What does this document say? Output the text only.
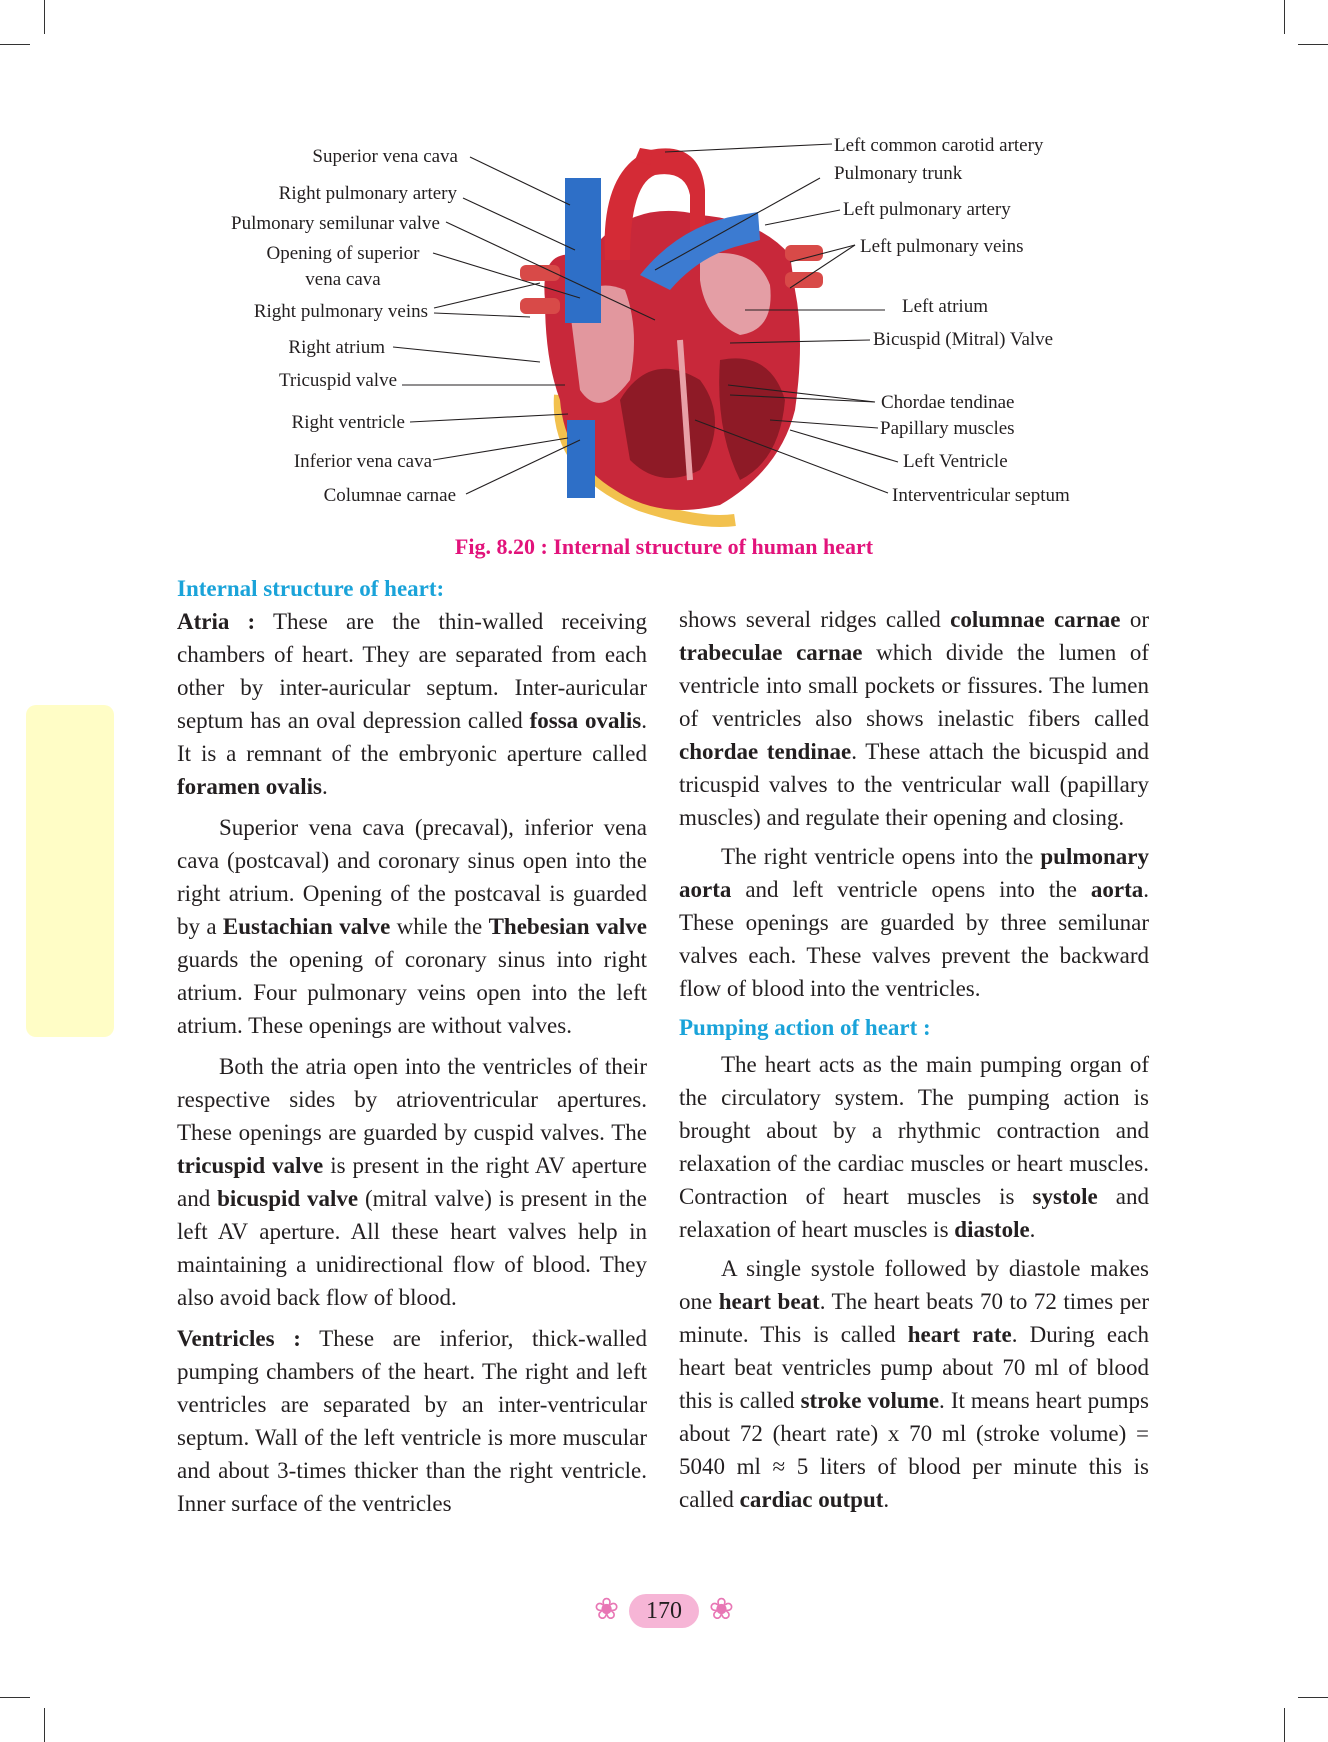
Superior vena cava
Right pulmonary artery
Pulmonary semilunar valve
Opening of superior
vena cava
Right pulmonary veins
Right atrium
Tricuspid valve
Right ventricle
Inferior vena cava
Columnae carnae
Left common carotid artery
Pulmonary trunk
Left pulmonary artery
Left pulmonary veins
Left atrium
Bicuspid (Mitral) Valve
Chordae tendinae
Papillary muscles
Left Ventricle
Interventricular septum
Fig. 8.20 : Internal structure of human heart

Internal structure of heart:

Atria : These are the thin-walled receiving chambers of heart. They are separated from each other by inter-auricular septum. Inter-auricular septum has an oval depression called fossa ovalis. It is a remnant of the embryonic aperture called foramen ovalis.

Superior vena cava (precaval), inferior vena cava (postcaval) and coronary sinus open into the right atrium. Opening of the postcaval is guarded by a Eustachian valve while the Thebesian valve guards the opening of coronary sinus into right atrium. Four pulmonary veins open into the left atrium. These openings are without valves.

Both the atria open into the ventricles of their respective sides by atrioventricular apertures. These openings are guarded by cuspid valves. The tricuspid valve is present in the right AV aperture and bicuspid valve (mitral valve) is present in the left AV aperture. All these heart valves help in maintaining a unidirectional flow of blood. They also avoid back flow of blood.

Ventricles : These are inferior, thick-walled pumping chambers of the heart. The right and left ventricles are separated by an inter-ventricular septum. Wall of the left ventricle is more muscular and about 3-times thicker than the right ventricle. Inner surface of the ventricles

shows several ridges called columnae carnae or trabeculae carnae which divide the lumen of ventricle into small pockets or fissures. The lumen of ventricles also shows inelastic fibers called chordae tendinae. These attach the bicuspid and tricuspid valves to the ventricular wall (papillary muscles) and regulate their opening and closing.

The right ventricle opens into the pulmonary aorta and left ventricle opens into the aorta. These openings are guarded by three semilunar valves each. These valves prevent the backward flow of blood into the ventricles.

Pumping action of heart :

The heart acts as the main pumping organ of the circulatory system. The pumping action is brought about by a rhythmic contraction and relaxation of the cardiac muscles or heart muscles. Contraction of heart muscles is systole and relaxation of heart muscles is diastole.

A single systole followed by diastole makes one heart beat. The heart beats 70 to 72 times per minute. This is called heart rate. During each heart beat ventricles pump about 70 ml of blood this is called stroke volume. It means heart pumps about 72 (heart rate) x 70 ml (stroke volume) = 5040 ml ≈ 5 liters of blood per minute this is called cardiac output.

❀	170 ❀
